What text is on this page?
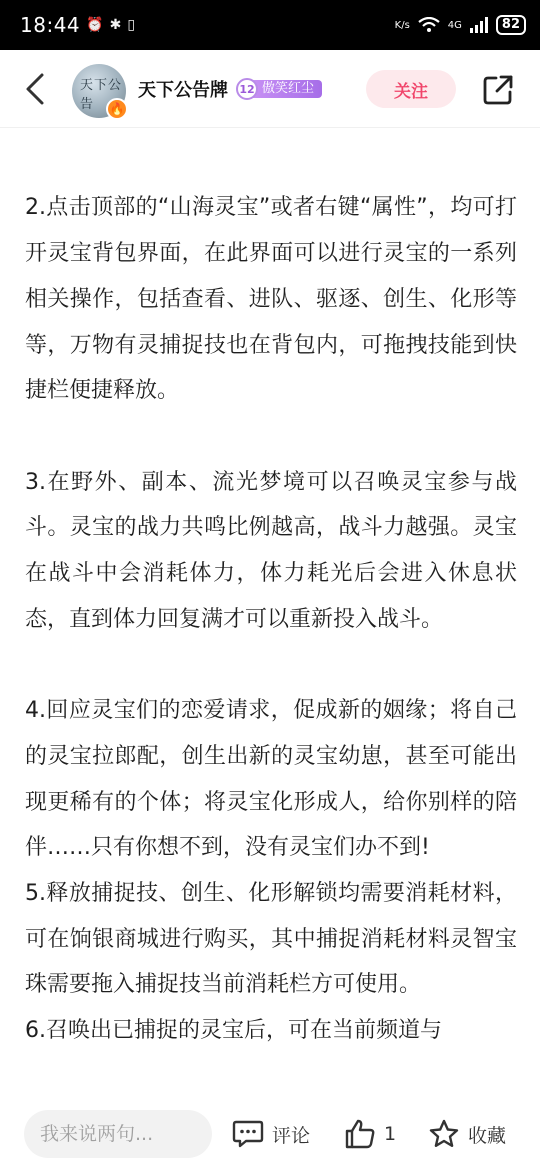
18:44 ⏰ ✱ ▯	K/s	4G	82
天下公告	🔥
天下公告牌	12 傲笑红尘	关注

2.点击顶部的“山海灵宝”或者右键“属性”，均可打开灵宝背包界面，在此界面可以进行灵宝的一系列相关操作，包括查看、进队、驱逐、创生、化形等等，万物有灵捕捉技也在背包内，可拖拽技能到快捷栏便捷释放。

3.在野外、副本、流光梦境可以召唤灵宝参与战斗。灵宝的战力共鸣比例越高，战斗力越强。灵宝在战斗中会消耗体力，体力耗光后会进入休息状态，直到体力回复满才可以重新投入战斗。

4.回应灵宝们的恋爱请求，促成新的姻缘；将自己的灵宝拉郎配，创生出新的灵宝幼崽，甚至可能出现更稀有的个体；将灵宝化形成人，给你别样的陪伴……只有你想不到，没有灵宝们办不到!

5.释放捕捉技、创生、化形解锁均需要消耗材料，可在饷银商城进行购买，其中捕捉消耗材料灵智宝珠需要拖入捕捉技当前消耗栏方可使用。

6.召唤出已捕捉的灵宝后，可在当前频道与

我来说两句...	评论	1	收藏
